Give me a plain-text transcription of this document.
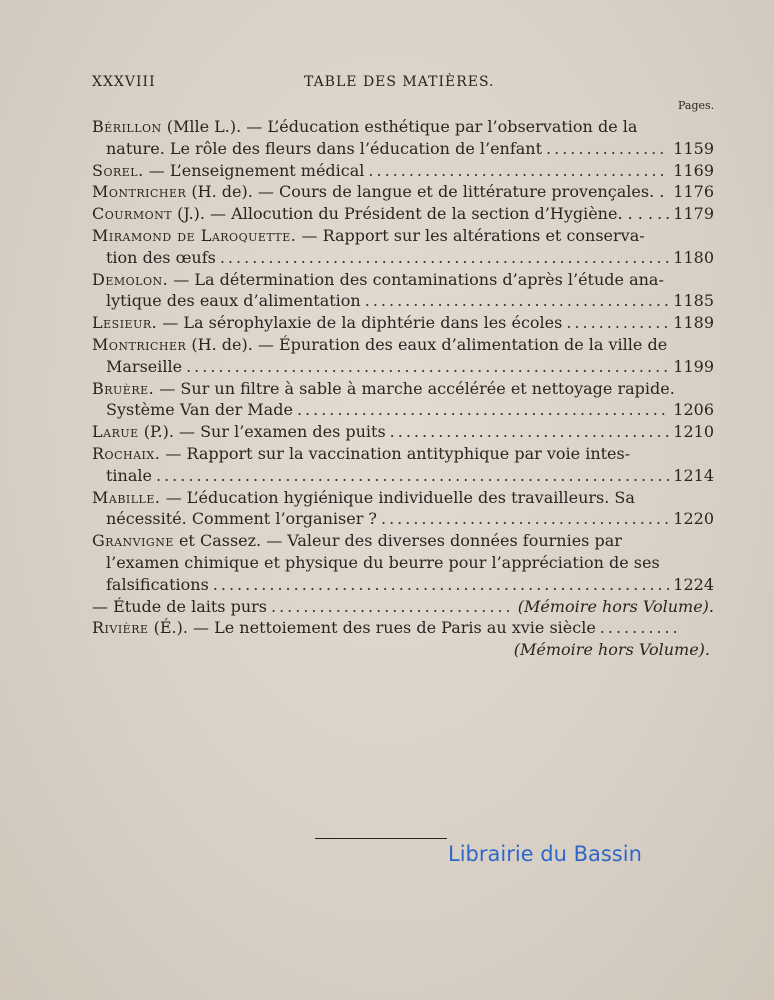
XXXVIII	TABLE DES MATIÈRES.
Pages.
Bérillon (Mlle L.). — L’éducation esthétique par l’observation de la
nature. Le rôle des fleurs dans l’éducation de l’enfant .....	1159
Sorel. — L’enseignement médical .....	1169
Montricher (H. de). — Cours de langue et de littérature provençales. . ..... 1176
Courmont (J.). — Allocution du Président de la section d’Hygiène. . . . ..... 1179
Miramond de Laroquette. — Rapport sur les altérations et conserva-
tion des œufs .....	1180
Demolon. — La détermination des contaminations d’après l’étude ana-
lytique des eaux d’alimentation .....	1185
Lesieur. — La sérophylaxie de la diphtérie dans les écoles .....	1189
Montricher (H. de). — Épuration des eaux d’alimentation de la ville de
Marseille .....	1199
Bruère. — Sur un filtre à sable à marche accélérée et nettoyage rapide.
Système Van der Made .....	1206
Larue (P.). — Sur l’examen des puits .....	1210
Rochaix. — Rapport sur la vaccination antityphique par voie intes-
tinale .....	1214
Mabille. — L’éducation hygiénique individuelle des travailleurs. Sa
nécessité. Comment l’organiser ? .....	1220
Granvigne et Cassez. — Valeur des diverses données fournies par
l’examen chimique et physique du beurre pour l’appréciation de ses
falsifications .....	1224
— Étude de laits purs .....	(Mémoire hors Volume).
Rivière (É.). — Le nettoiement des rues de Paris au xvie siècle
.....
(Mémoire hors Volume).
Librairie du Bassin
